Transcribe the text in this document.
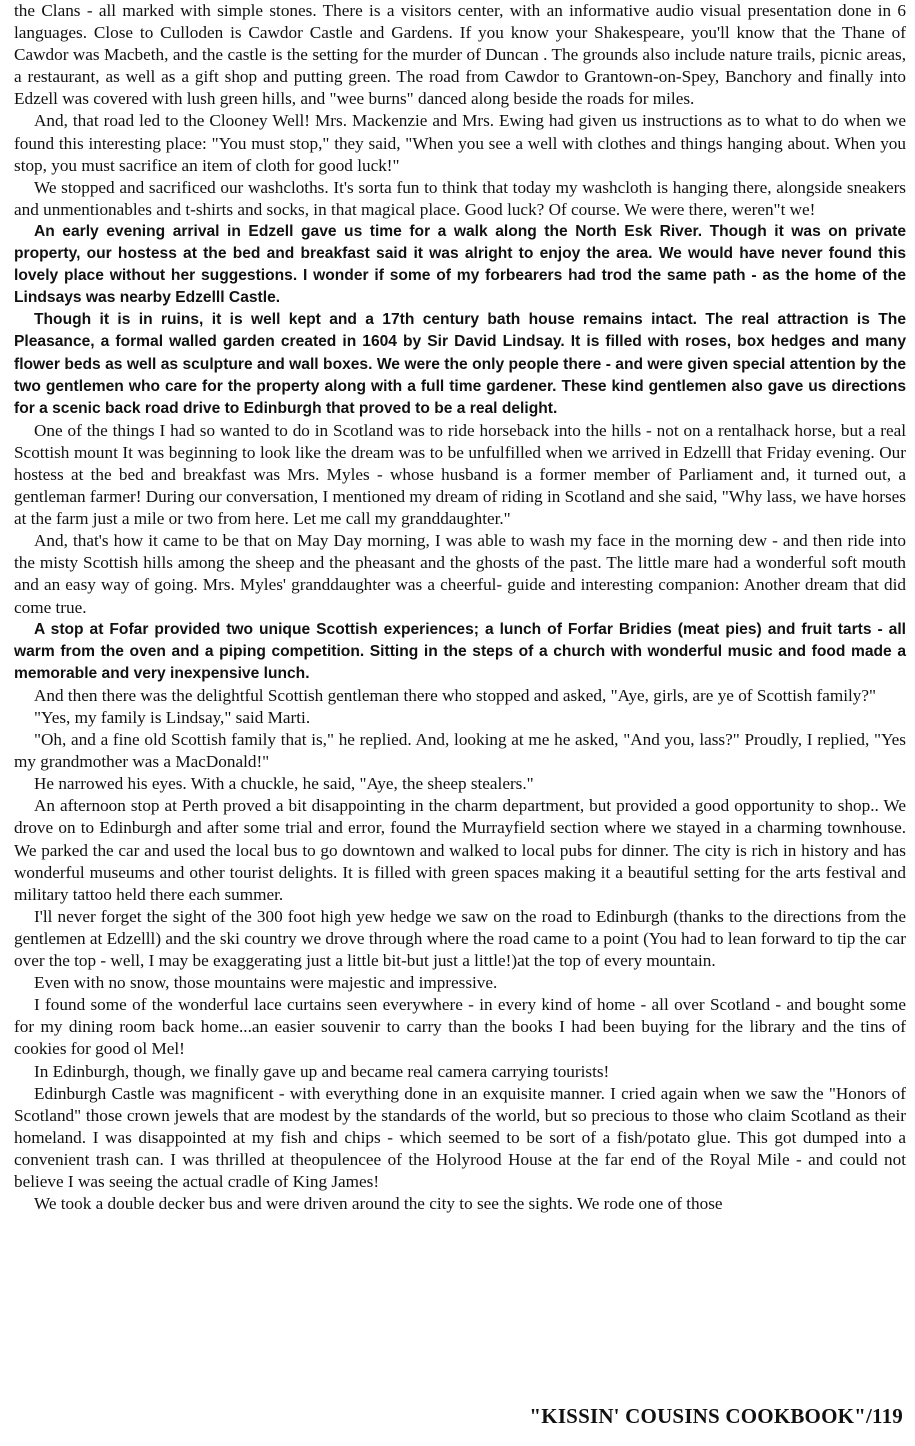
the Clans - all marked with simple stones. There is a visitors center, with an informative audio visual presentation done in 6 languages. Close to Culloden is Cawdor Castle and Gardens. If you know your Shakespeare, you'll know that the Thane of Cawdor was Macbeth, and the castle is the setting for the murder of Duncan . The grounds also include nature trails, picnic areas, a restaurant, as well as a gift shop and putting green. The road from Cawdor to Grantown-on-Spey, Banchory and finally into Edzell was covered with lush green hills, and "wee burns" danced along beside the roads for miles.

And, that road led to the Clooney Well! Mrs. Mackenzie and Mrs. Ewing had given us instructions as to what to do when we found this interesting place: "You must stop," they said, "When you see a well with clothes and things hanging about. When you stop, you must sacrifice an item of cloth for good luck!"

We stopped and sacrificed our washcloths. It's sorta fun to think that today my washcloth is hanging there, alongside sneakers and unmentionables and t-shirts and socks, in that magical place. Good luck? Of course. We were there, weren"t we!

An early evening arrival in Edzell gave us time for a walk along the North Esk River. Though it was on private property, our hostess at the bed and breakfast said it was alright to enjoy the area. We would have never found this lovely place without her suggestions. I wonder if some of my forbearers had trod the same path - as the home of the Lindsays was nearby Edzelll Castle.

Though it is in ruins, it is well kept and a 17th century bath house remains intact. The real attraction is The Pleasance, a formal walled garden created in 1604 by Sir David Lindsay. It is filled with roses, box hedges and many flower beds as well as sculpture and wall boxes. We were the only people there - and were given special attention by the two gentlemen who care for the property along with a full time gardener. These kind gentlemen also gave us directions for a scenic back road drive to Edinburgh that proved to be a real delight.

One of the things I had so wanted to do in Scotland was to ride horseback into the hills - not on a rentalhack horse, but a real Scottish mount It was beginning to look like the dream was to be unfulfilled when we arrived in Edzelll that Friday evening. Our hostess at the bed and breakfast was Mrs. Myles - whose husband is a former member of Parliament and, it turned out, a gentleman farmer! During our conversation, I mentioned my dream of riding in Scotland and she said, "Why lass, we have horses at the farm just a mile or two from here. Let me call my granddaughter."

And, that's how it came to be that on May Day morning, I was able to wash my face in the morning dew - and then ride into the misty Scottish hills among the sheep and the pheasant and the ghosts of the past. The little mare had a wonderful soft mouth and an easy way of going. Mrs. Myles' granddaughter was a cheerful- guide and interesting companion: Another dream that did come true.

A stop at Fofar provided two unique Scottish experiences; a lunch of Forfar Bridies (meat pies) and fruit tarts - all warm from the oven and a piping competition. Sitting in the steps of a church with wonderful music and food made a memorable and very inexpensive lunch.

And then there was the delightful Scottish gentleman there who stopped and asked, "Aye, girls, are ye of Scottish family?"

"Yes, my family is Lindsay," said Marti.

"Oh, and a fine old Scottish family that is," he replied. And, looking at me he asked, "And you, lass?" Proudly, I replied, "Yes my grandmother was a MacDonald!"

He narrowed his eyes. With a chuckle, he said, "Aye, the sheep stealers."

An afternoon stop at Perth proved a bit disappointing in the charm department, but provided a good opportunity to shop.. We drove on to Edinburgh and after some trial and error, found the Murrayfield section where we stayed in a charming townhouse. We parked the car and used the local bus to go downtown and walked to local pubs for dinner. The city is rich in history and has wonderful museums and other tourist delights. It is filled with green spaces making it a beautiful setting for the arts festival and military tattoo held there each summer.

I'll never forget the sight of the 300 foot high yew hedge we saw on the road to Edinburgh (thanks to the directions from the gentlemen at Edzelll) and the ski country we drove through where the road came to a point (You had to lean forward to tip the car over the top - well, I may be exaggerating just a little bit-but just a little!)at the top of every mountain.

Even with no snow, those mountains were majestic and impressive.

I found some of the wonderful lace curtains seen everywhere - in every kind of home - all over Scotland - and bought some for my dining room back home...an easier souvenir to carry than the books I had been buying for the library and the tins of cookies for good ol Mel!

In Edinburgh, though, we finally gave up and became real camera carrying tourists!

Edinburgh Castle was magnificent - with everything done in an exquisite manner. I cried again when we saw the "Honors of Scotland" those crown jewels that are modest by the standards of the world, but so precious to those who claim Scotland as their homeland. I was disappointed at my fish and chips - which seemed to be sort of a fish/potato glue. This got dumped into a convenient trash can. I was thrilled at theopulencee of the Holyrood House at the far end of the Royal Mile - and could not believe I was seeing the actual cradle of King James!

We took a double decker bus and were driven around the city to see the sights. We rode one of those

"KISSIN' COUSINS COOKBOOK"/119
